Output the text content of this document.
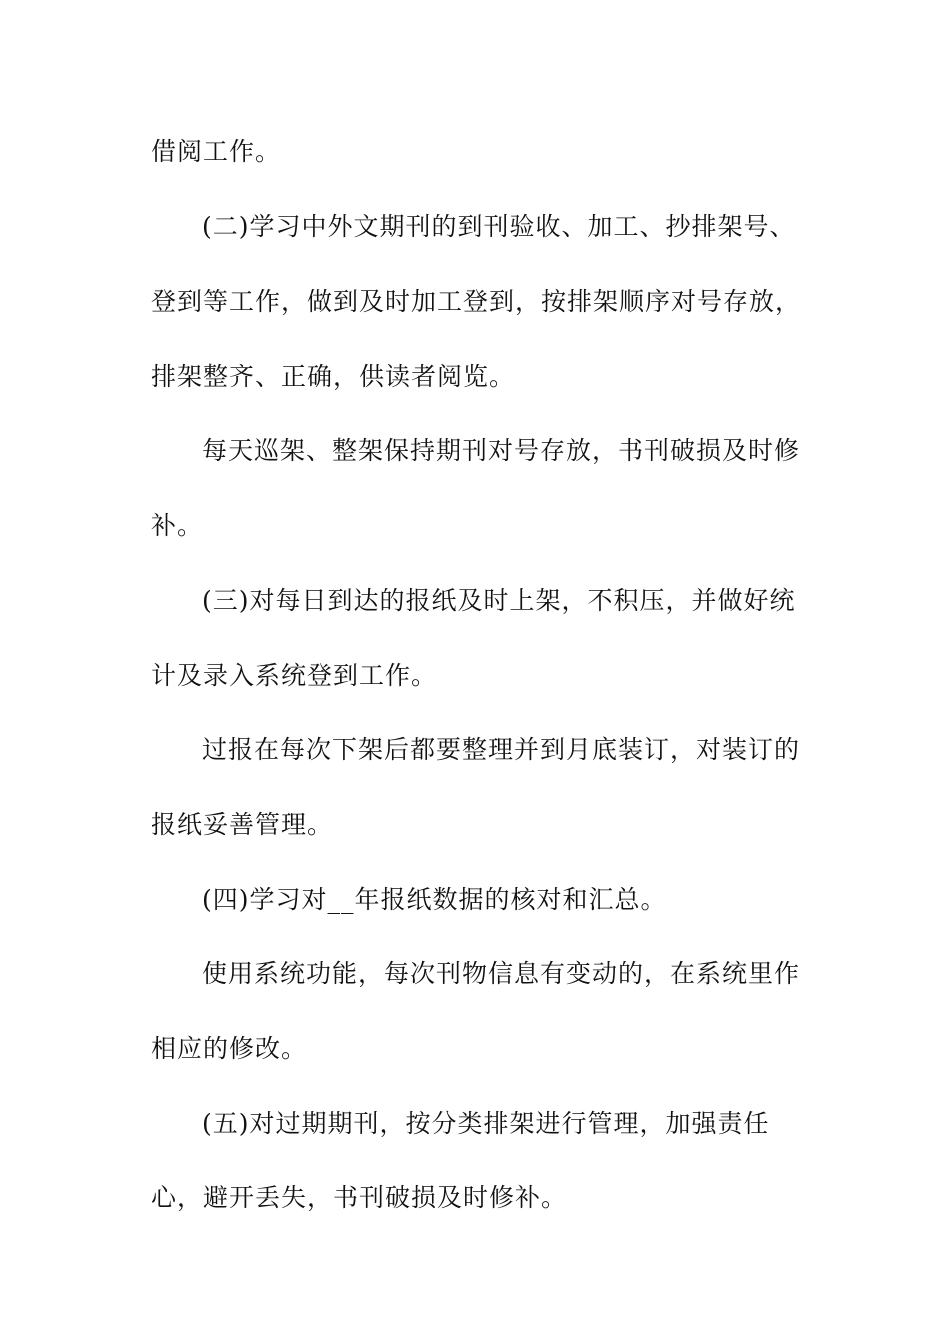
借阅工作。
(二)学习中外文期刊的到刊验收、加工、抄排架号、
登到等工作，做到及时加工登到，按排架顺序对号存放，
排架整齐、正确，供读者阅览。
每天巡架、整架保持期刊对号存放，书刊破损及时修
补。
(三)对每日到达的报纸及时上架，不积压，并做好统
计及录入系统登到工作。
过报在每次下架后都要整理并到月底装订，对装订的
报纸妥善管理。
(四)学习对__年报纸数据的核对和汇总。
使用系统功能，每次刊物信息有变动的，在系统里作
相应的修改。
(五)对过期期刊，按分类排架进行管理，加强责任
心，避开丢失，书刊破损及时修补。
